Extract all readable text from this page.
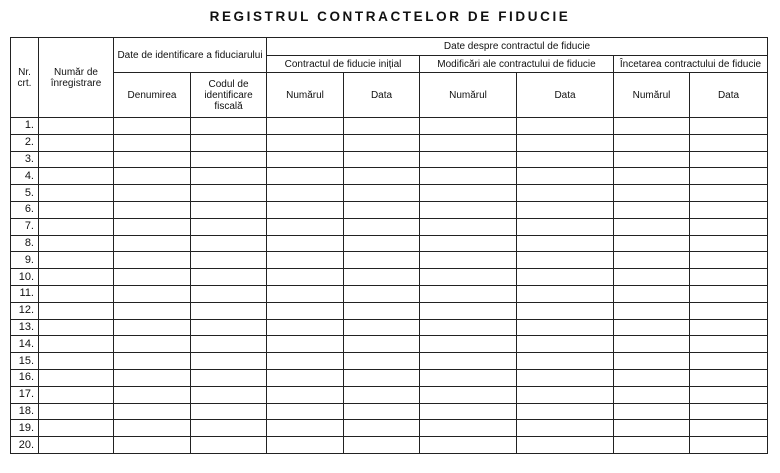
REGISTRUL CONTRACTELOR DE FIDUCIE
Nr. crt.	Număr de înregistrare	Date de identificare a fiduciarului		Date despre contractul de fiducie					
				Contractul de fiducie inițial		Modificări ale contractului de fiducie		Încetarea contractului de fiducie	
		Denumirea	Codul de identificare fiscală	Numărul	Data	Numărul	Data	Numărul	Data
1.									
2.									
3.									
4.									
5.									
6.									
7.									
8.									
9.									
10.									
11.									
12.									
13.									
14.									
15.									
16.									
17.									
18.									
19.									
20.									
